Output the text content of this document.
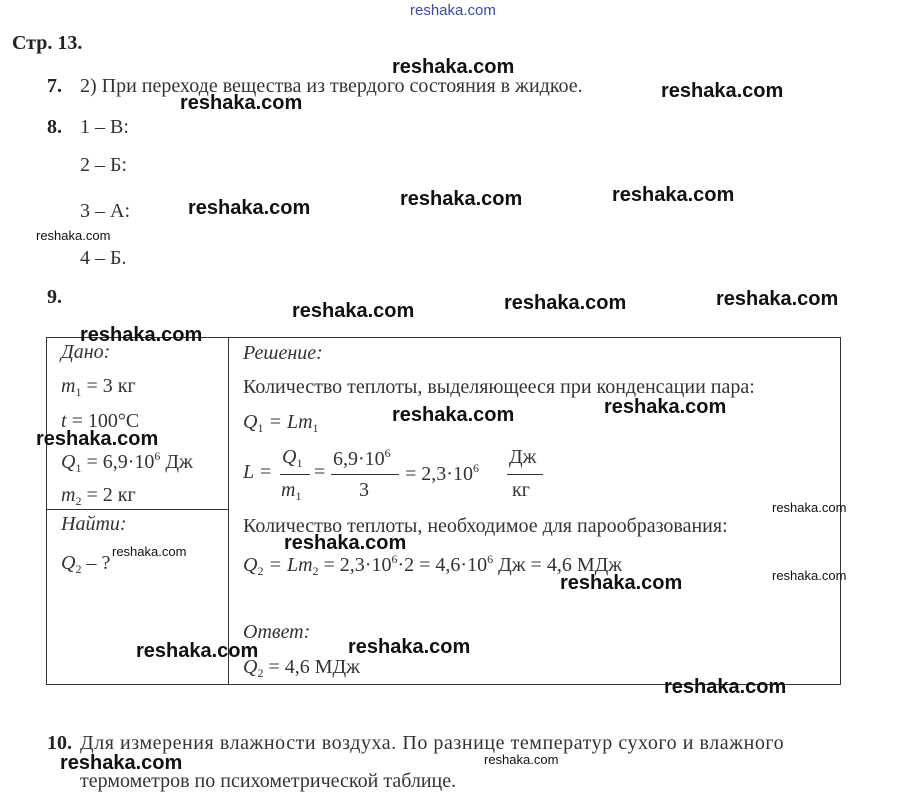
reshaka.com
Стр. 13.
7. 2) При переходе вещества из твердого состояния в жидкое.
8. 1 – В:
2 – Б:
3 – А:
4 – Б.
9.
Дано:
$m_1 = 3$ кг
t = 100°C
$Q_1 = 6,9\cdot 10^6$ Дж
$m_2 = 2$ кг
Найти:
$Q_2$ – ?
Решение:
Количество теплоты, выделяющееся при конденсации пара:
$Q_1 = Lm_1$
L =
$Q_1$
$m_1$
=
$6,9\cdot 10^6$
3
= $2,3\cdot 10^6$ Дж
кг
Количество теплоты, необходимое для парообразования:
$Q_2 = Lm_2 = 2,3\cdot 10^6\cdot 2 = 4,6\cdot 10^6$ Дж = 4,6 МДж
Ответ:
$Q_2 = 4,6$ МДж
10. Для измерения влажности воздуха. По разнице температур сухого и влажного
термометров по психометрической таблице.
reshaka.com
reshaka.com
reshaka.com
reshaka.com	reshaka.com	reshaka.com
reshaka.com	reshaka.com	reshaka.com
reshaka.com
reshaka.com	reshaka.com
reshaka.com
reshaka.com
reshaka.com
reshaka.com	reshaka.com
reshaka.com
reshaka.com
reshaka.com
reshaka.com
reshaka.com
reshaka.com
reshaka.com
